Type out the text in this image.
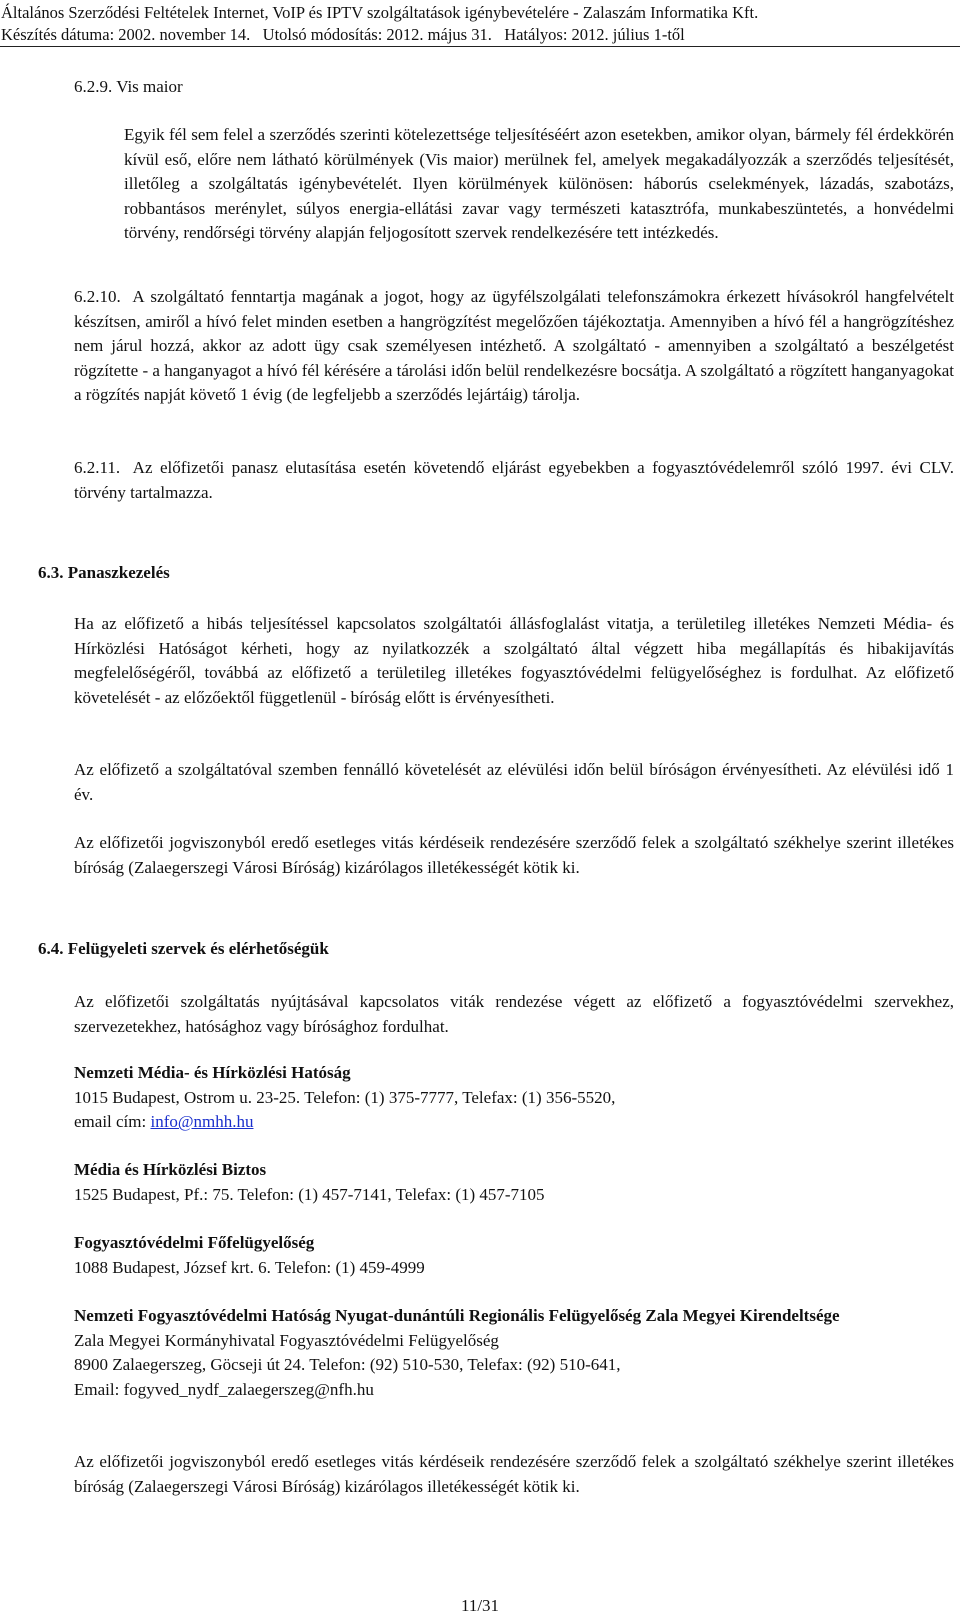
Általános Szerződési Feltételek Internet, VoIP és IPTV szolgáltatások igénybevételére - Zalaszám Informatika Kft.
Készítés dátuma: 2002. november 14.   Utolsó módosítás: 2012. május 31.   Hatályos: 2012. július 1-től
6.2.9. Vis maior

Egyik fél sem felel a szerződés szerinti kötelezettsége teljesítéséért azon esetekben, amikor olyan, bármely fél érdekkörén kívül eső, előre nem látható körülmények (Vis maior) merülnek fel, amelyek megakadályozzák a szerződés teljesítését, illetőleg a szolgáltatás igénybevételét. Ilyen körülmények különösen: háborús cselekmények, lázadás, szabotázs, robbantásos merénylet, súlyos energia-ellátási zavar vagy természeti katasztrófa, munkabeszüntetés, a honvédelmi törvény, rendőrségi törvény alapján feljogosított szervek rendelkezésére tett intézkedés.

6.2.10. A szolgáltató fenntartja magának a jogot, hogy az ügyfélszolgálati telefonszámokra érkezett hívásokról hangfelvételt készítsen, amiről a hívó felet minden esetben a hangrögzítést megelőzően tájékoztatja. Amennyiben a hívó fél a hangrögzítéshez nem járul hozzá, akkor az adott ügy csak személyesen intézhető. A szolgáltató - amennyiben a szolgáltató a beszélgetést rögzítette - a hanganyagot a hívó fél kérésére a tárolási időn belül rendelkezésre bocsátja. A szolgáltató a rögzített hanganyagokat a rögzítés napját követő 1 évig (de legfeljebb a szerződés lejártáig) tárolja.

6.2.11. Az előfizetői panasz elutasítása esetén követendő eljárást egyebekben a fogyasztóvédelemről szóló 1997. évi CLV. törvény tartalmazza.

6.3. Panaszkezelés

Ha az előfizető a hibás teljesítéssel kapcsolatos szolgáltatói állásfoglalást vitatja, a területileg illetékes Nemzeti Média- és Hírközlési Hatóságot kérheti, hogy az nyilatkozzék a szolgáltató által végzett hiba megállapítás és hibakijavítás megfelelőségéről, továbbá az előfizető a területileg illetékes fogyasztóvédelmi felügyelőséghez is fordulhat. Az előfizető követelését - az előzőektől függetlenül - bíróság előtt is érvényesítheti.

Az előfizető a szolgáltatóval szemben fennálló követelését az elévülési időn belül bíróságon érvényesítheti. Az elévülési idő 1 év.

Az előfizetői jogviszonyból eredő esetleges vitás kérdéseik rendezésére szerződő felek a szolgáltató székhelye szerint illetékes bíróság (Zalaegerszegi Városi Bíróság) kizárólagos illetékességét kötik ki.

6.4. Felügyeleti szervek és elérhetőségük

Az előfizetői szolgáltatás nyújtásával kapcsolatos viták rendezése végett az előfizető a fogyasztóvédelmi szervekhez, szervezetekhez, hatósághoz vagy bírósághoz fordulhat.

Nemzeti Média- és Hírközlési Hatóság
1015 Budapest, Ostrom u. 23-25. Telefon: (1) 375-7777, Telefax: (1) 356-5520,
email cím: info@nmhh.hu
Média és Hírközlési Biztos
1525 Budapest, Pf.: 75. Telefon: (1) 457-7141, Telefax: (1) 457-7105
Fogyasztóvédelmi Főfelügyelőség
1088 Budapest, József krt. 6. Telefon: (1) 459-4999
Nemzeti Fogyasztóvédelmi Hatóság Nyugat-dunántúli Regionális Felügyelőség Zala Megyei Kirendeltsége
Zala Megyei Kormányhivatal Fogyasztóvédelmi Felügyelőség
8900 Zalaegerszeg, Göcseji út 24. Telefon: (92) 510-530, Telefax: (92) 510-641,
Email: fogyved_nydf_zalaegerszeg@nfh.hu

Az előfizetői jogviszonyból eredő esetleges vitás kérdéseik rendezésére szerződő felek a szolgáltató székhelye szerint illetékes bíróság (Zalaegerszegi Városi Bíróság) kizárólagos illetékességét kötik ki.

11/31
